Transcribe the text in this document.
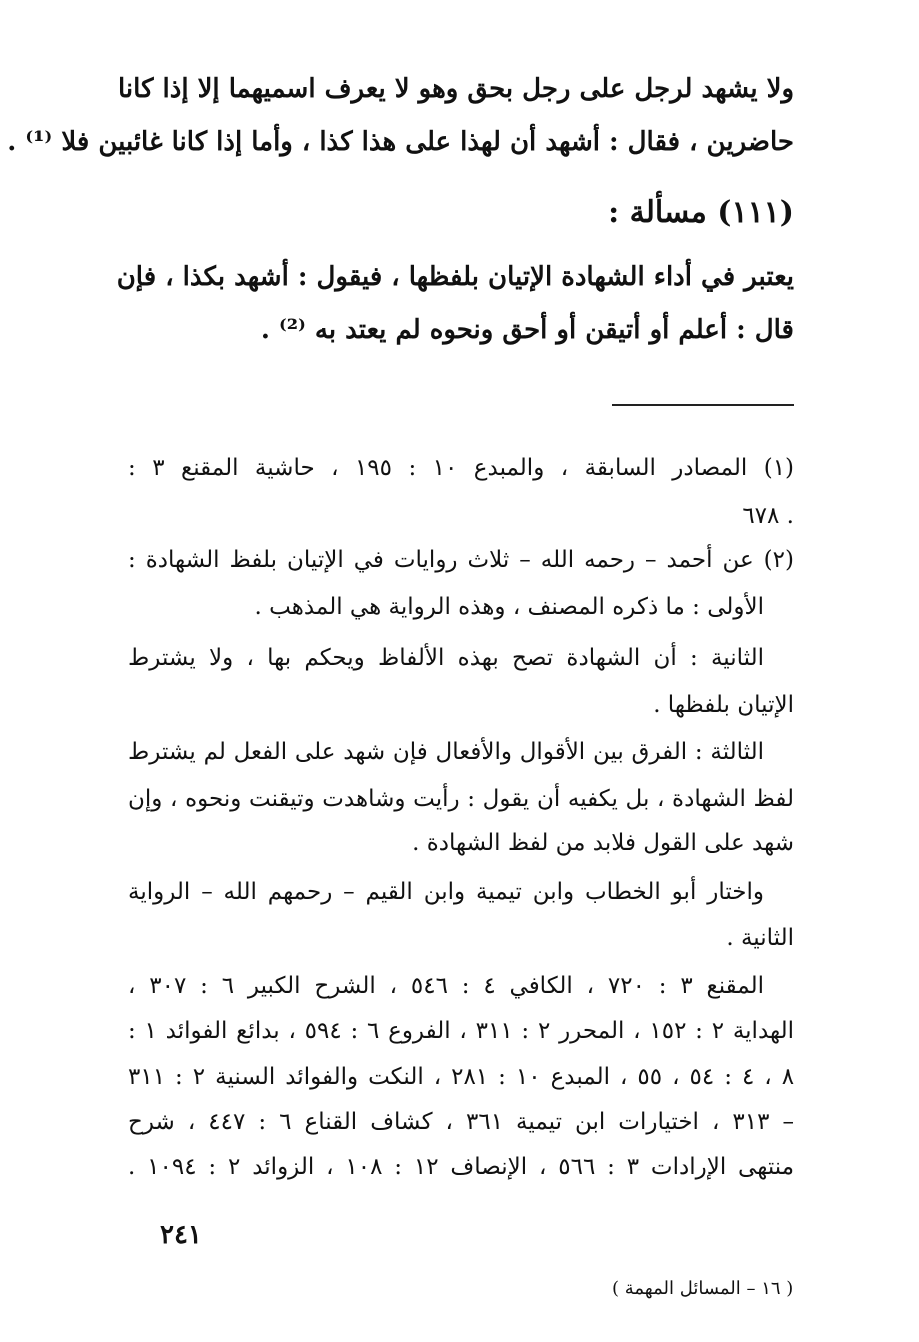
ولا يشهد لرجل على رجل بحق وهو لا يعرف اسميهما إلا إذا كانا
حاضرين ، فقال : أشهد أن لهذا على هذا كذا ، وأما إذا كانا غائبين فلا ⁽¹⁾ .
(١١١) مسألة :
يعتبر في أداء الشهادة الإتيان بلفظها ، فيقول : أشهد بكذا ، فإن
قال : أعلم أو أتيقن أو أحق ونحوه لم يعتد به ⁽²⁾ .
(١) المصادر السابقة ، والمبدع ١٠ : ١٩٥ ، حاشية المقنع ٣ :
٦٧٨ .
(٢) عن أحمد – رحمه الله – ثلاث روايات في الإتيان بلفظ الشهادة :
الأولى : ما ذكره المصنف ، وهذه الرواية هي المذهب .
الثانية : أن الشهادة تصح بهذه الألفاظ ويحكم بها ، ولا يشترط
الإتيان بلفظها .
الثالثة : الفرق بين الأقوال والأفعال فإن شهد على الفعل لم يشترط
لفظ الشهادة ، بل يكفيه أن يقول : رأيت وشاهدت وتيقنت ونحوه ، وإن
شهد على القول فلابد من لفظ الشهادة .
واختار أبو الخطاب وابن تيمية وابن القيم – رحمهم الله – الرواية
الثانية .
المقنع ٣ : ٧٢٠ ، الكافي ٤ : ٥٤٦ ، الشرح الكبير ٦ : ٣٠٧ ،
الهداية ٢ : ١٥٢ ، المحرر ٢ : ٣١١ ، الفروع ٦ : ٥٩٤ ، بدائع الفوائد ١ :
٨ ، ٤ : ٥٤ ، ٥٥ ، المبدع ١٠ : ٢٨١ ، النكت والفوائد السنية ٢ : ٣١١
– ٣١٣ ، اختيارات ابن تيمية ٣٦١ ، كشاف القناع ٦ : ٤٤٧ ، شرح
منتهى الإرادات ٣ : ٥٦٦ ، الإنصاف ١٢ : ١٠٨ ، الزوائد ٢ : ١٠٩٤ .
٢٤١
( ١٦ – المسائل المهمة )
